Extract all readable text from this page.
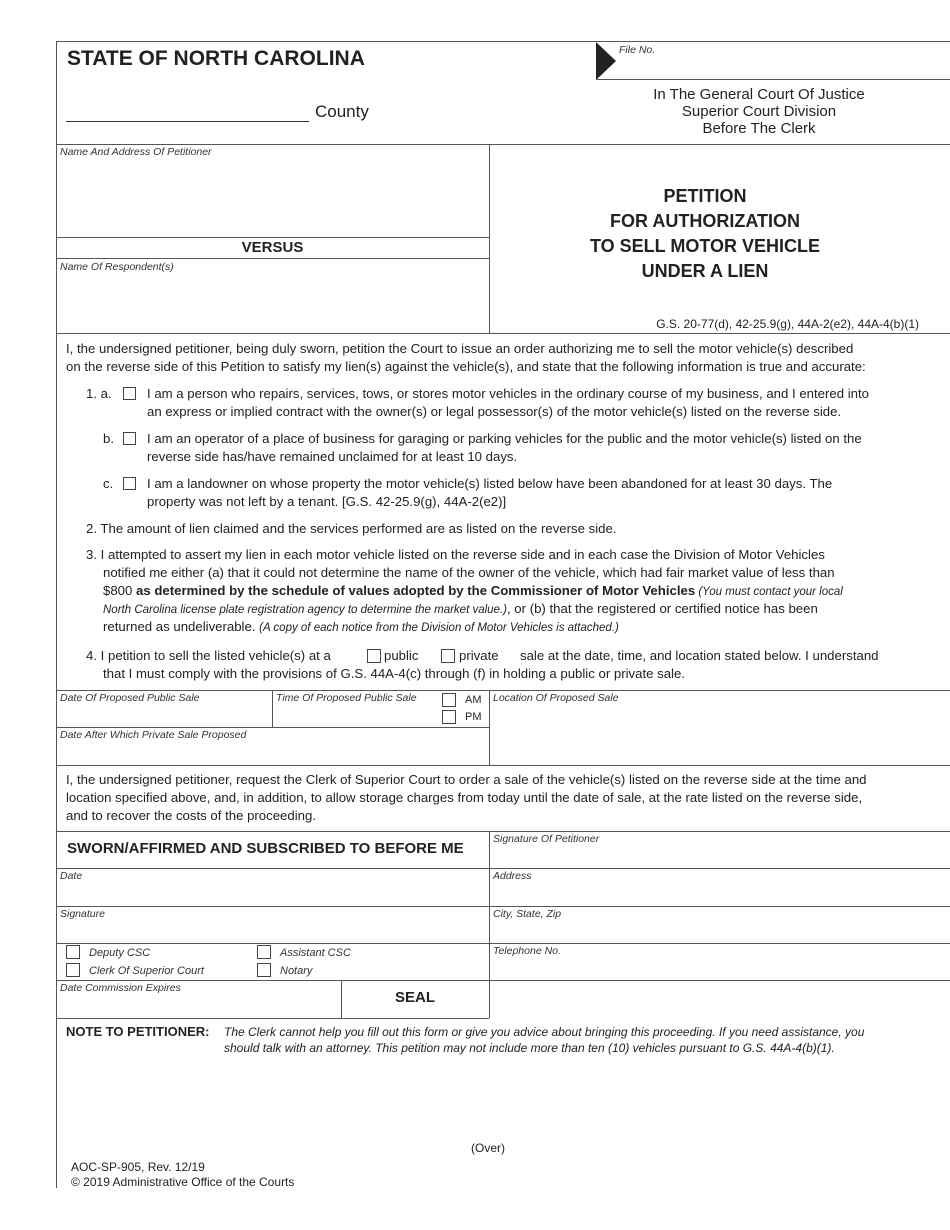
STATE OF NORTH CAROLINA
County
File No.
In The General Court Of Justice
Superior Court Division
Before The Clerk
Name And Address Of Petitioner
VERSUS
Name Of Respondent(s)
PETITION
FOR AUTHORIZATION
TO SELL MOTOR VEHICLE
UNDER A LIEN
G.S. 20-77(d), 42-25.9(g), 44A-2(e2), 44A-4(b)(1)
I, the undersigned petitioner, being duly sworn, petition the Court to issue an order authorizing me to sell the motor vehicle(s) described
on the reverse side of this Petition to satisfy my lien(s) against the vehicle(s), and state that the following information is true and accurate:
1. a.	I am a person who repairs, services, tows, or stores motor vehicles in the ordinary course of my business, and I entered into
an express or implied contract with the owner(s) or legal possessor(s) of the motor vehicle(s) listed on the reverse side.
b.	I am an operator of a place of business for garaging or parking vehicles for the public and the motor vehicle(s) listed on the
reverse side has/have remained unclaimed for at least 10 days.
c.	I am a landowner on whose property the motor vehicle(s) listed below have been abandoned for at least 30 days. The
property was not left by a tenant. [G.S. 42-25.9(g), 44A-2(e2)]
2. The amount of lien claimed and the services performed are as listed on the reverse side.
3. I attempted to assert my lien in each motor vehicle listed on the reverse side and in each case the Division of Motor Vehicles
notified me either (a) that it could not determine the name of the owner of the vehicle, which had fair market value of less than
$800 as determined by the schedule of values adopted by the Commissioner of Motor Vehicles (You must contact your local
North Carolina license plate registration agency to determine the market value.), or (b) that the registered or certified notice has been
returned as undeliverable. (A copy of each notice from the Division of Motor Vehicles is attached.)
4. I petition to sell the listed vehicle(s) at a	public	private sale at the date, time, and location stated below. I understand
that I must comply with the provisions of G.S. 44A-4(c) through (f) in holding a public or private sale.
Date Of Proposed Public Sale	Time Of Proposed Public Sale	AM
PM
Location Of Proposed Sale
Date After Which Private Sale Proposed
I, the undersigned petitioner, request the Clerk of Superior Court to order a sale of the vehicle(s) listed on the reverse side at the time and
location specified above, and, in addition, to allow storage charges from today until the date of sale, at the rate listed on the reverse side,
and to recover the costs of the proceeding.
SWORN/AFFIRMED AND SUBSCRIBED TO BEFORE ME
Signature Of Petitioner
Date	Address
Signature	City, State, Zip
Deputy CSC	Assistant CSC
Clerk Of Superior Court	Notary
Telephone No.
Date Commission Expires
SEAL
NOTE TO PETITIONER: The Clerk cannot help you fill out this form or give you advice about bringing this proceeding. If you need assistance, you
should talk with an attorney. This petition may not include more than ten (10) vehicles pursuant to G.S. 44A-4(b)(1).
(Over)
AOC-SP-905, Rev. 12/19
© 2019 Administrative Office of the Courts
